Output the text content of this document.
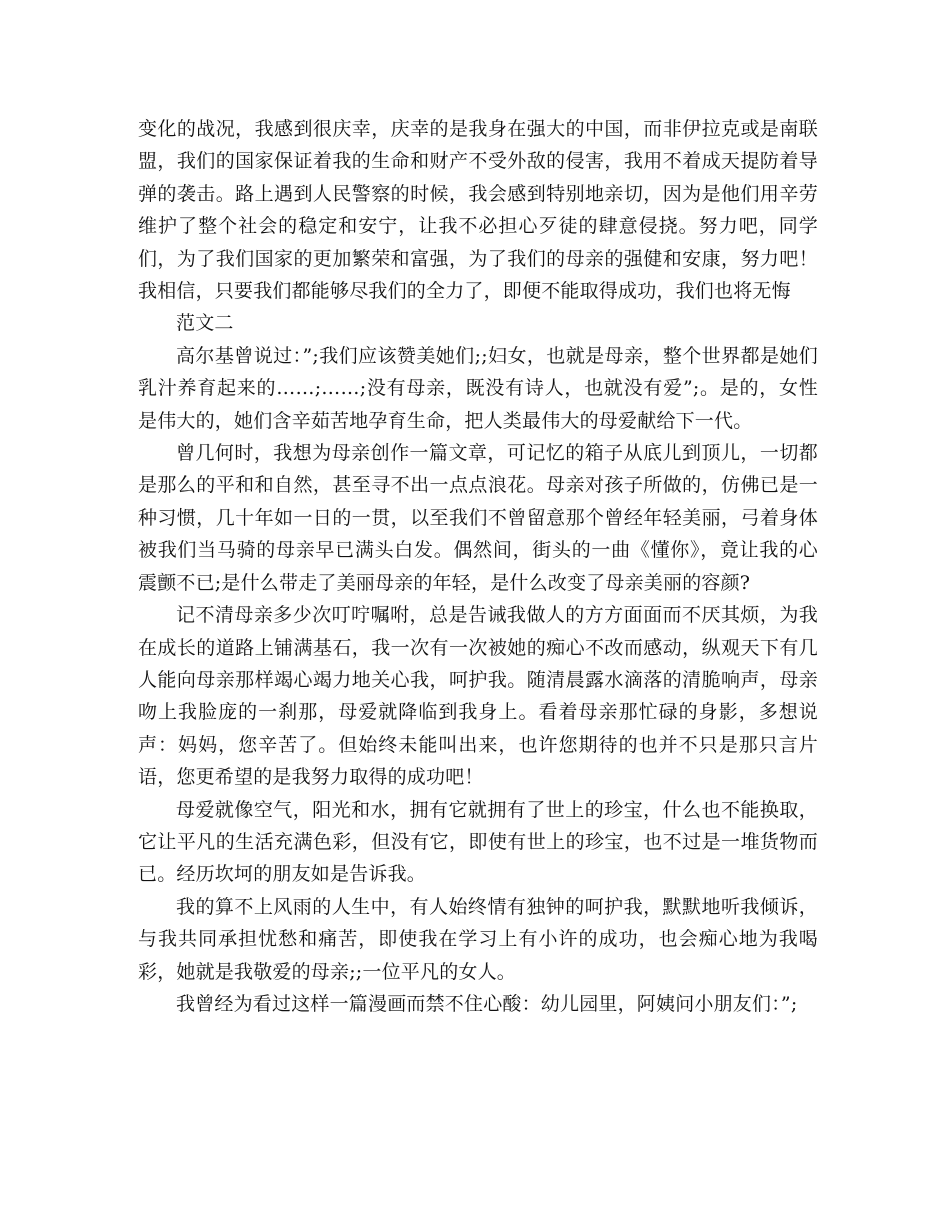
变化的战况，我感到很庆幸，庆幸的是我身在强大的中国，而非伊拉克或是南联盟，我们的国家保证着我的生命和财产不受外敌的侵害，我用不着成天提防着导弹的袭击。路上遇到人民警察的时候，我会感到特别地亲切，因为是他们用辛劳维护了整个社会的稳定和安宁，让我不必担心歹徒的肆意侵挠。努力吧，同学们，为了我们国家的更加繁荣和富强，为了我们的母亲的强健和安康，努力吧！我相信，只要我们都能够尽我们的全力了，即便不能取得成功，我们也将无悔

范文二

高尔基曾说过：”;我们应该赞美她们;;妇女，也就是母亲，整个世界都是她们乳汁养育起来的……;……;没有母亲，既没有诗人，也就没有爱”;。是的，女性是伟大的，她们含辛茹苦地孕育生命，把人类最伟大的母爱献给下一代。

曾几何时，我想为母亲创作一篇文章，可记忆的箱子从底儿到顶儿，一切都是那么的平和和自然，甚至寻不出一点点浪花。母亲对孩子所做的，仿佛已是一种习惯，几十年如一日的一贯，以至我们不曾留意那个曾经年轻美丽，弓着身体被我们当马骑的母亲早已满头白发。偶然间，街头的一曲《懂你》，竟让我的心震颤不已;是什么带走了美丽母亲的年轻，是什么改变了母亲美丽的容颜?

记不清母亲多少次叮咛嘱咐，总是告诫我做人的方方面面而不厌其烦，为我在成长的道路上铺满基石，我一次有一次被她的痴心不改而感动，纵观天下有几人能向母亲那样竭心竭力地关心我，呵护我。随清晨露水滴落的清脆响声，母亲吻上我脸庞的一刹那，母爱就降临到我身上。看着母亲那忙碌的身影，多想说声：妈妈，您辛苦了。但始终未能叫出来，也许您期待的也并不只是那只言片语，您更希望的是我努力取得的成功吧！

母爱就像空气，阳光和水，拥有它就拥有了世上的珍宝，什么也不能换取，它让平凡的生活充满色彩，但没有它，即使有世上的珍宝，也不过是一堆货物而已。经历坎坷的朋友如是告诉我。

我的算不上风雨的人生中，有人始终情有独钟的呵护我，默默地听我倾诉，与我共同承担忧愁和痛苦，即使我在学习上有小许的成功，也会痴心地为我喝彩，她就是我敬爱的母亲;;一位平凡的女人。

我曾经为看过这样一篇漫画而禁不住心酸：幼儿园里，阿姨问小朋友们：”;
